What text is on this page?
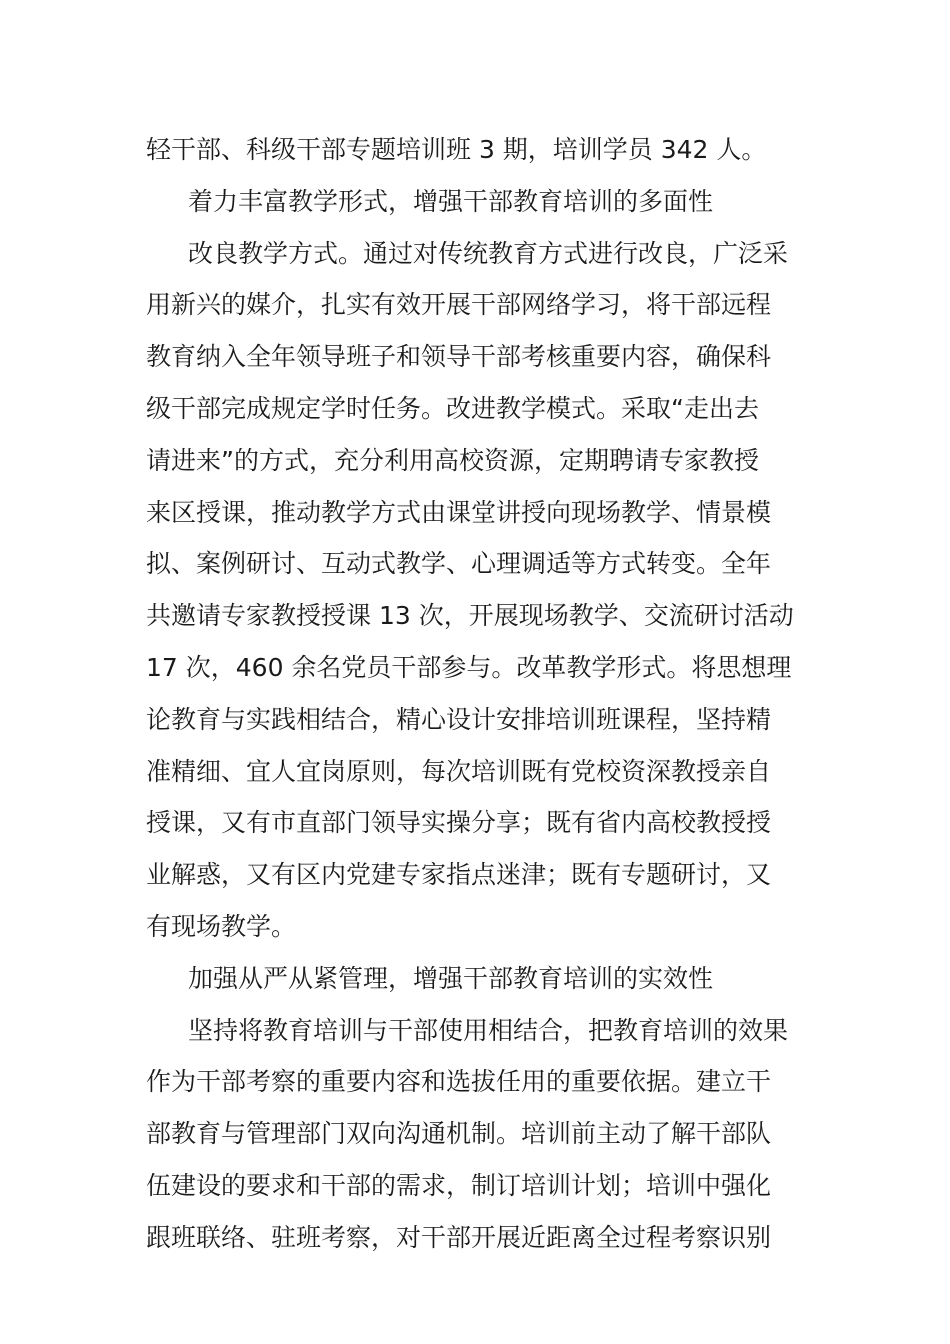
轻干部、科级干部专题培训班 3 期，培训学员 342 人。
着力丰富教学形式，增强干部教育培训的多面性
改良教学方式。通过对传统教育方式进行改良，广泛采
用新兴的媒介，扎实有效开展干部网络学习，将干部远程
教育纳入全年领导班子和领导干部考核重要内容，确保科
级干部完成规定学时任务。改进教学模式。采取“走出去
请进来”的方式，充分利用高校资源，定期聘请专家教授
来区授课，推动教学方式由课堂讲授向现场教学、情景模
拟、案例研讨、互动式教学、心理调适等方式转变。全年
共邀请专家教授授课 13 次，开展现场教学、交流研讨活动
17 次，460 余名党员干部参与。改革教学形式。将思想理
论教育与实践相结合，精心设计安排培训班课程，坚持精
准精细、宜人宜岗原则，每次培训既有党校资深教授亲自
授课，又有市直部门领导实操分享；既有省内高校教授授
业解惑，又有区内党建专家指点迷津；既有专题研讨，又
有现场教学。
加强从严从紧管理，增强干部教育培训的实效性
坚持将教育培训与干部使用相结合，把教育培训的效果
作为干部考察的重要内容和选拔任用的重要依据。建立干
部教育与管理部门双向沟通机制。培训前主动了解干部队
伍建设的要求和干部的需求，制订培训计划；培训中强化
跟班联络、驻班考察，对干部开展近距离全过程考察识别
